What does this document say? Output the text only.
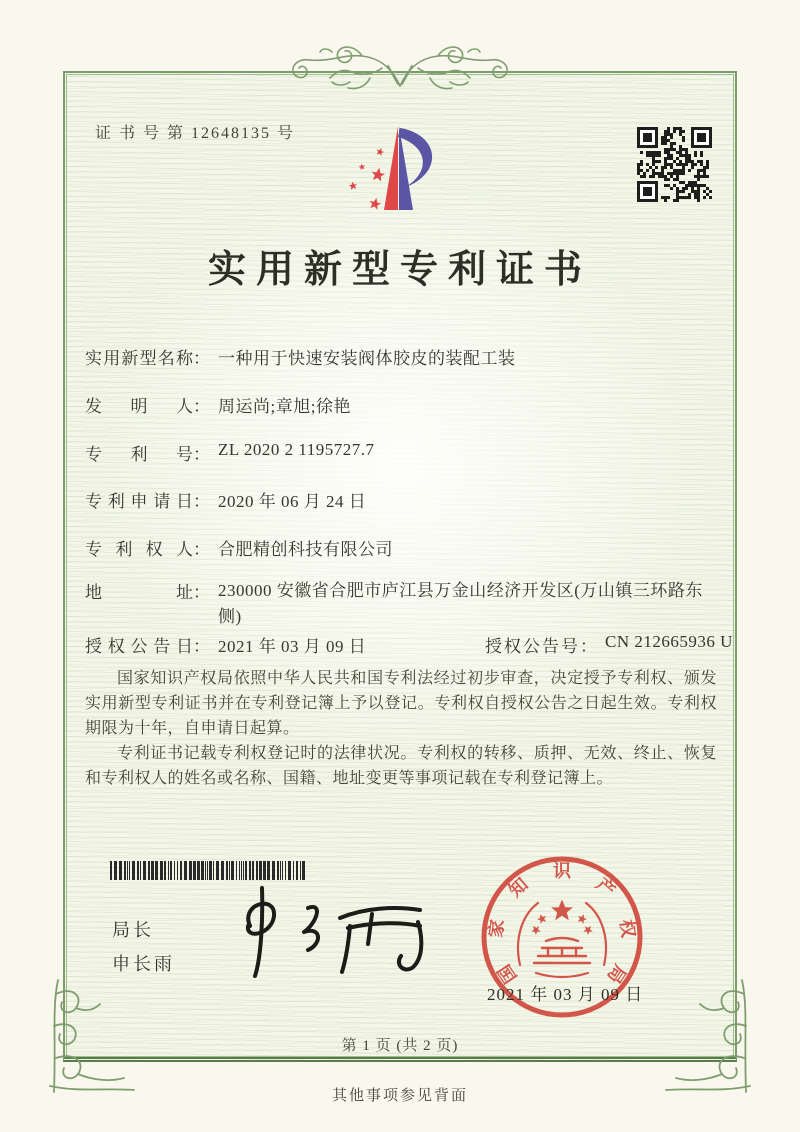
证 书 号 第 12648135 号
实用新型专利证书
实用新型名称： 一种用于快速安装阀体胶皮的装配工装
发明人： 周运尚;章旭;徐艳
专利号： ZL 2020 2 1195727.7
专利申请日： 2020 年 06 月 24 日
专利权人： 合肥精创科技有限公司
地址： 230000 安徽省合肥市庐江县万金山经济开发区(万山镇三环路东侧)
授权公告日： 2021 年 03 月 09 日	授权公告号： CN 212665936 U

国家知识产权局依照中华人民共和国专利法经过初步审查，决定授予专利权、颁发实用新型专利证书并在专利登记簿上予以登记。专利权自授权公告之日起生效。专利权期限为十年，自申请日起算。

专利证书记载专利权登记时的法律状况。专利权的转移、质押、无效、终止、恢复和专利权人的姓名或名称、国籍、地址变更等事项记载在专利登记簿上。

局长
申长雨	国
家
知
识
产
权
局
2021 年 03 月 09 日
第 1 页 (共 2 页)
其他事项参见背面
